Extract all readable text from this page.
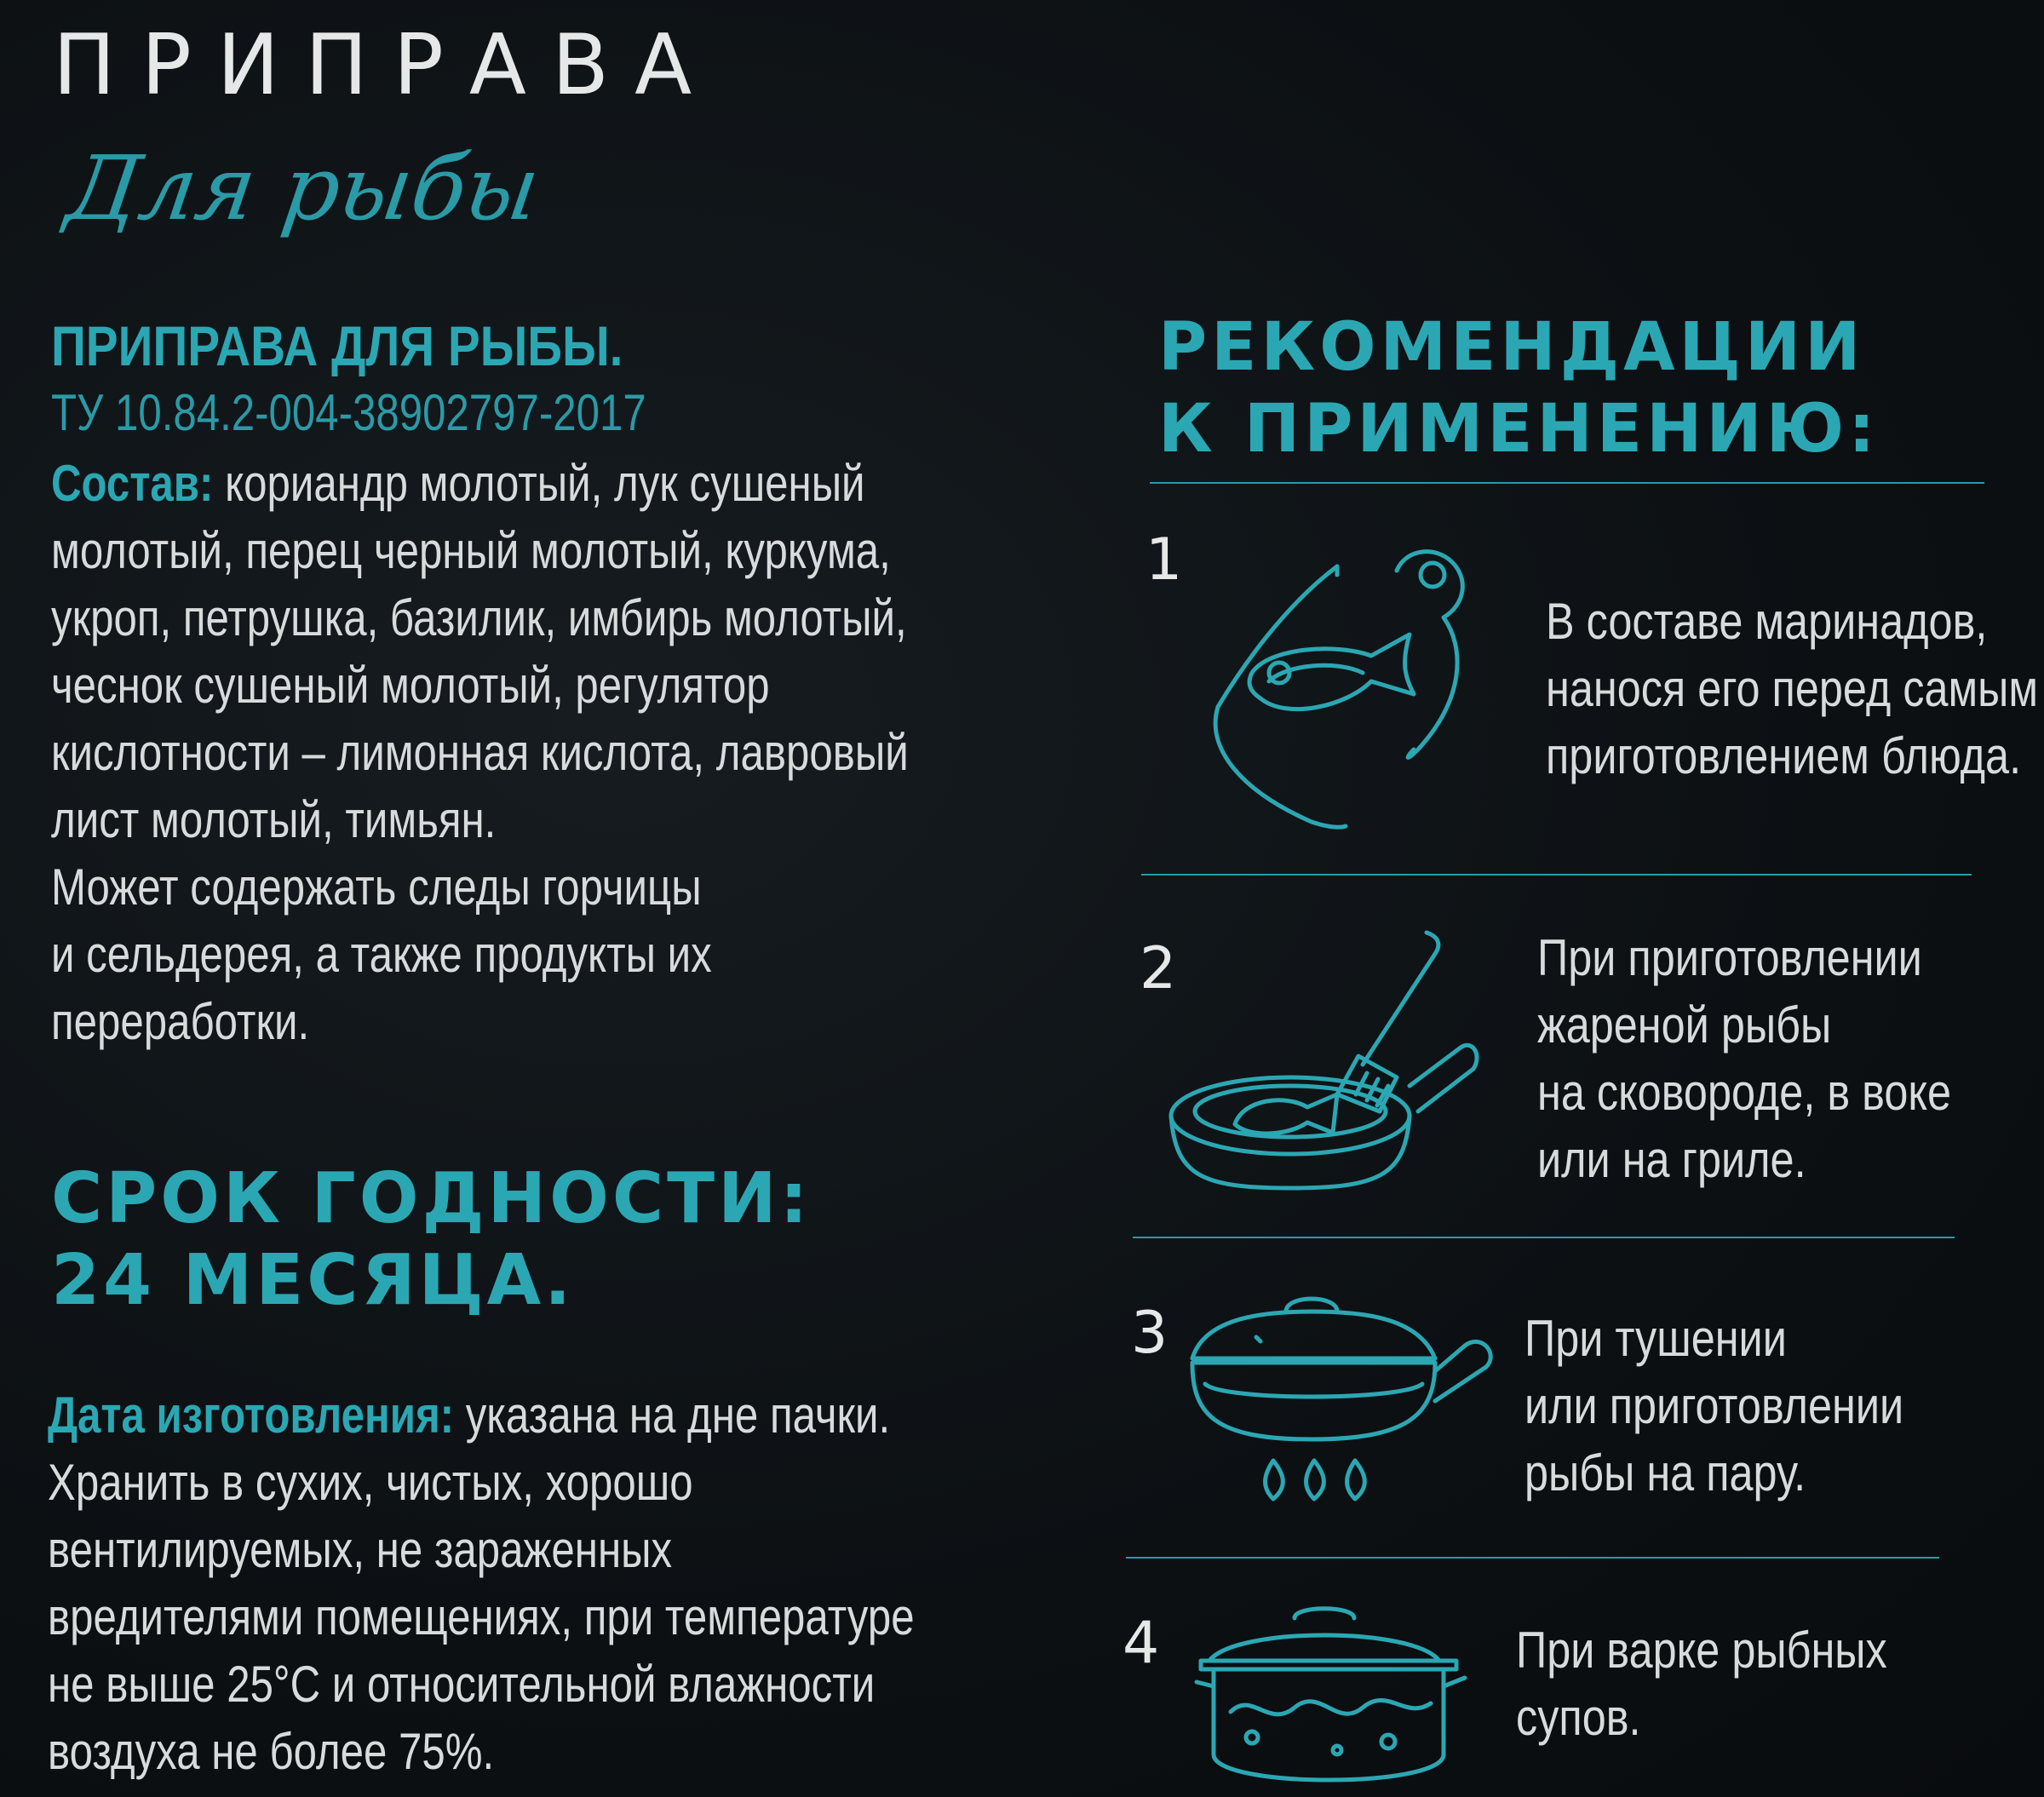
ПРИПРАВА
Для рыбы
ПРИПРАВА ДЛЯ РЫБЫ.
ТУ 10.84.2-004-38902797-2017
Состав: кориандр молотый, лук сушеный
молотый, перец черный молотый, куркума,
укроп, петрушка, базилик, имбирь молотый,
чеснок сушеный молотый, регулятор
кислотности – лимонная кислота, лавровый
лист молотый, тимьян.
Может содержать следы горчицы
и сельдерея, а также продукты их
переработки.
СРОК ГОДНОСТИ:
24 МЕСЯЦА.
Дата изготовления: указана на дне пачки.
Хранить в сухих, чистых, хорошо
вентилируемых, не зараженных
вредителями помещениях, при температуре
не выше 25°С и относительной влажности
воздуха не более 75%.
РЕКОМЕНДАЦИИ
К ПРИМЕНЕНИЮ:
1
В составе маринадов,
нанося его перед самым
приготовлением блюда.
2	При приготовлении
жареной рыбы
на сковороде, в воке
или на гриле.
3	При тушении
или приготовлении
рыбы на пару.
4	При варке рыбных
супов.
